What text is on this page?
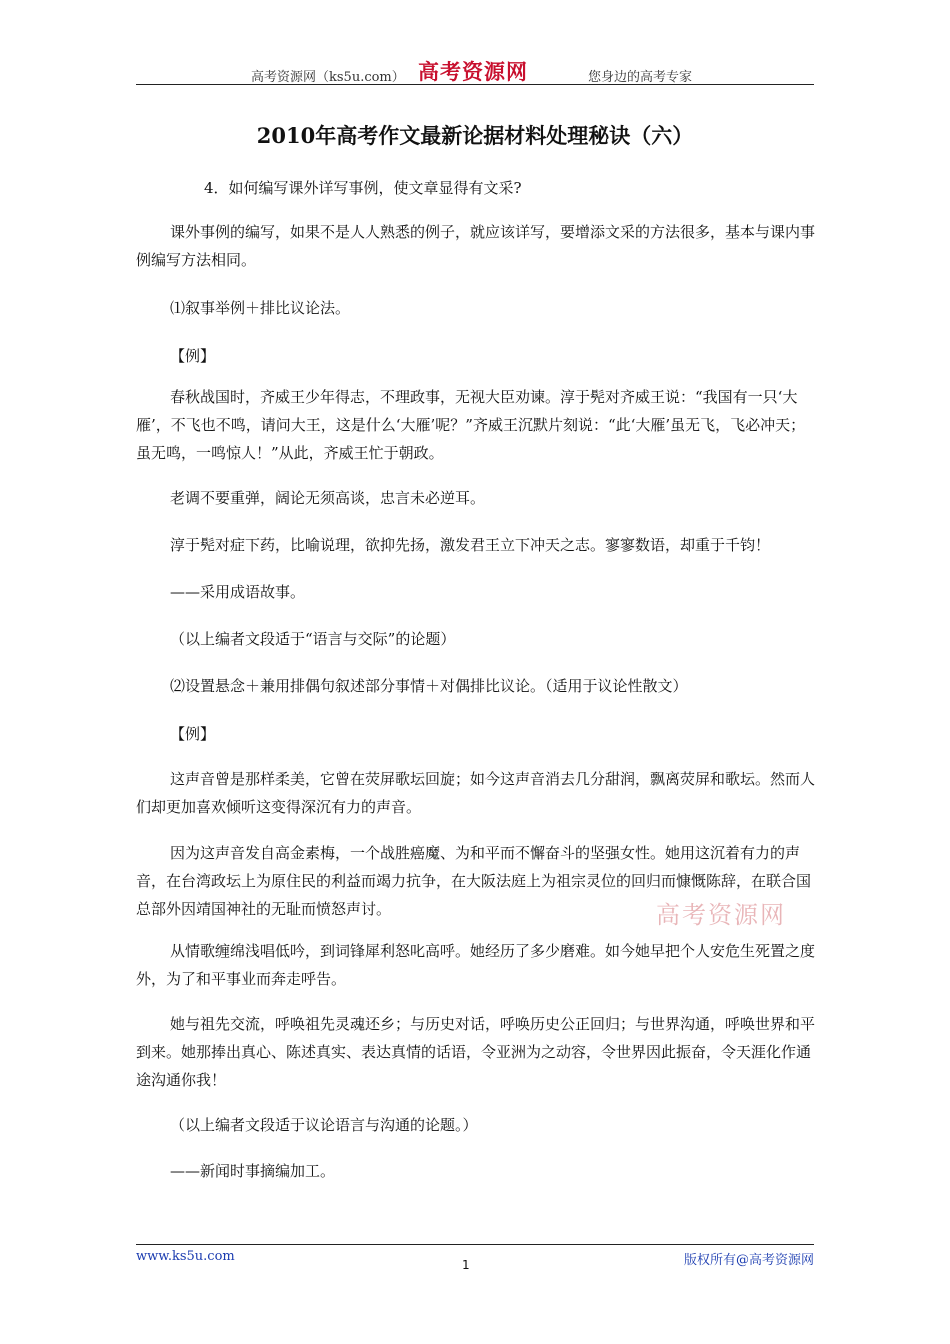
高考资源网（ks5u.com） 高考资源网	您身边的高考专家
2010年高考作文最新论据材料处理秘诀（六）

4．如何编写课外详写事例，使文章显得有文采?

课外事例的编写，如果不是人人熟悉的例子，就应该详写，要增添文采的方法很多，基本与课内事例编写方法相同。

⑴叙事举例＋排比议论法。

【例】

春秋战国时，齐威王少年得志，不理政事，无视大臣劝谏。淳于髡对齐威王说：“我国有一只‘大雁’，不飞也不鸣，请问大王，这是什么‘大雁’呢？”齐威王沉默片刻说：“此‘大雁’虽无飞，飞必冲天；虽无鸣，一鸣惊人！”从此，齐威王忙于朝政。

老调不要重弹，阔论无须高谈，忠言未必逆耳。

淳于髡对症下药，比喻说理，欲抑先扬，激发君王立下冲天之志。寥寥数语，却重于千钧！

——采用成语故事。

（以上编者文段适于“语言与交际”的论题）

⑵设置悬念＋兼用排偶句叙述部分事情＋对偶排比议论。（适用于议论性散文）

【例】

这声音曾是那样柔美，它曾在荧屏歌坛回旋；如今这声音消去几分甜润，飘离荧屏和歌坛。然而人们却更加喜欢倾听这变得深沉有力的声音。

因为这声音发自高金素梅，一个战胜癌魔、为和平而不懈奋斗的坚强女性。她用这沉着有力的声音，在台湾政坛上为原住民的利益而竭力抗争，在大阪法庭上为祖宗灵位的回归而慷慨陈辞，在联合国总部外因靖国神社的无耻而愤怒声讨。

从情歌缠绵浅唱低吟，到词锋犀利怒叱高呼。她经历了多少磨难。如今她早把个人安危生死置之度外，为了和平事业而奔走呼告。

她与祖先交流，呼唤祖先灵魂还乡；与历史对话，呼唤历史公正回归；与世界沟通，呼唤世界和平到来。她那捧出真心、陈述真实、表达真情的话语，令亚洲为之动容，令世界因此振奋，令天涯化作通途沟通你我！

（以上编者文段适于议论语言与沟通的论题。）

——新闻时事摘编加工。

高考资源网
www.ks5u.com	版权所有@高考资源网
1
